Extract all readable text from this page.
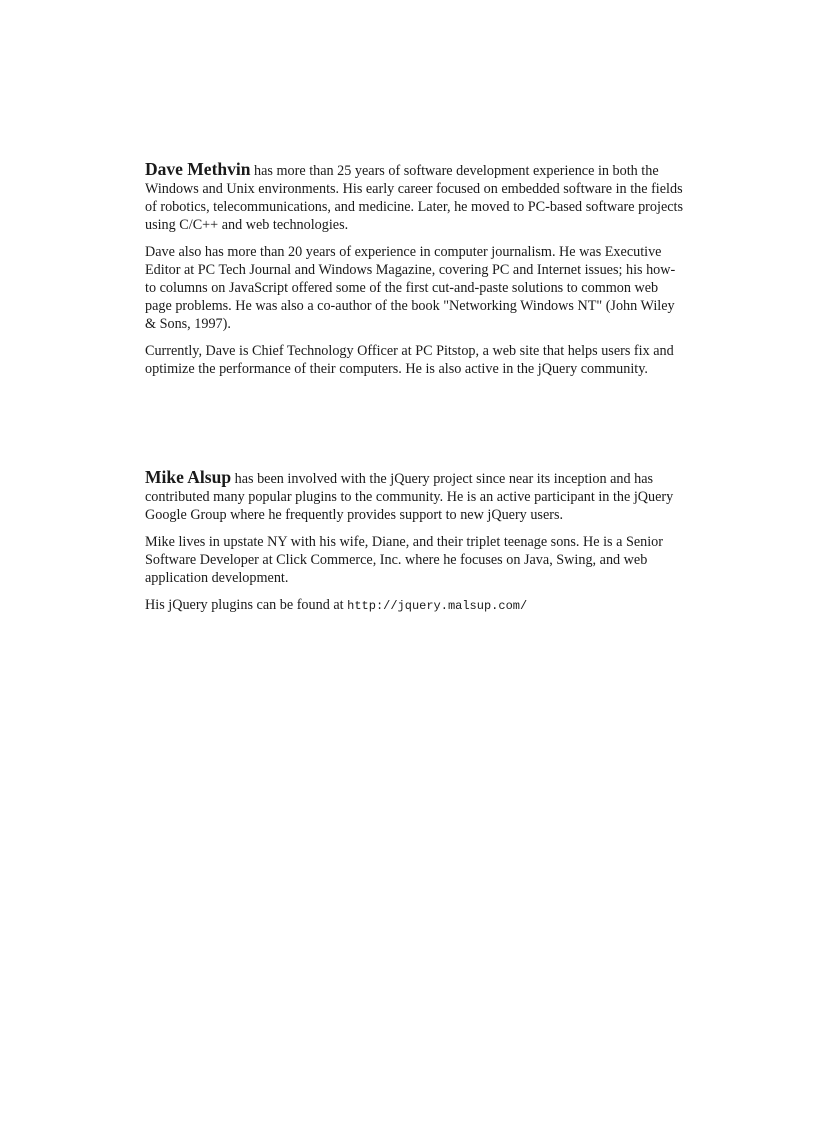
Dave Methvin has more than 25 years of software development experience in both the Windows and Unix environments. His early career focused on embedded software in the fields of robotics, telecommunications, and medicine. Later, he moved to PC-based software projects using C/C++ and web technologies.

Dave also has more than 20 years of experience in computer journalism. He was Executive Editor at PC Tech Journal and Windows Magazine, covering PC and Internet issues; his how-to columns on JavaScript offered some of the first cut-and-paste solutions to common web page problems. He was also a co-author of the book "Networking Windows NT" (John Wiley & Sons, 1997).

Currently, Dave is Chief Technology Officer at PC Pitstop, a web site that helps users fix and optimize the performance of their computers. He is also active in the jQuery community.

Mike Alsup has been involved with the jQuery project since near its inception and has contributed many popular plugins to the community. He is an active participant in the jQuery Google Group where he frequently provides support to new jQuery users.

Mike lives in upstate NY with his wife, Diane, and their triplet teenage sons. He is a Senior Software Developer at Click Commerce, Inc. where he focuses on Java, Swing, and web application development.

His jQuery plugins can be found at http://jquery.malsup.com/
